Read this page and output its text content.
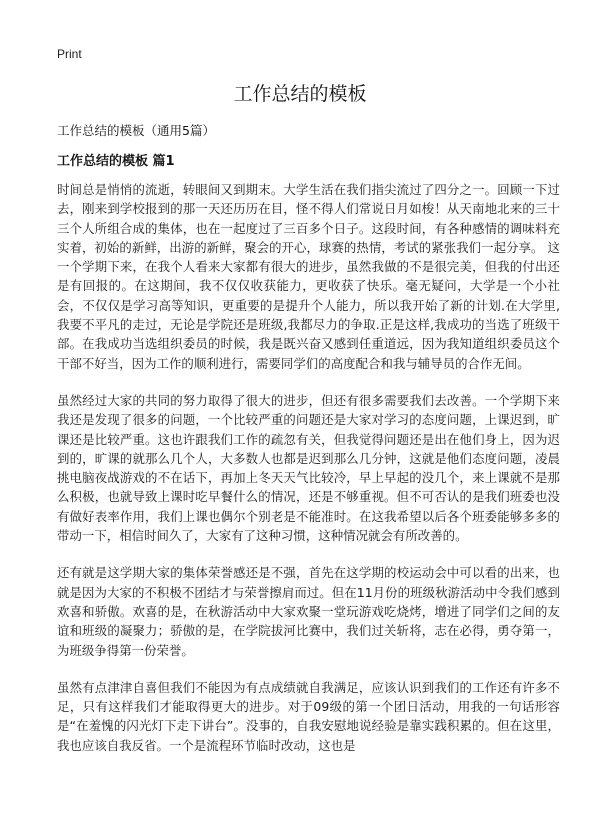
Print
工作总结的模板

工作总结的模板（通用5篇）

工作总结的模板 篇1

时间总是悄悄的流逝，转眼间又到期末。大学生活在我们指尖流过了四分之一。回顾一下过去，刚来到学校报到的那一天还历历在目，怪不得人们常说日月如梭！从天南地北来的三十三个人所组合成的集体，也在一起度过了三百多个日子。这段时间，有各种感情的调味料充实着，初始的新鲜，出游的新鲜，聚会的开心，球赛的热情，考试的紧张我们一起分享。 这一个学期下来，在我个人看来大家都有很大的进步，虽然我做的不是很完美，但我的付出还是有回报的。在这期间，我不仅仅收获能力，更收获了快乐。毫无疑问，大学是一个小社会，不仅仅是学习高等知识，更重要的是提升个人能力，所以我开始了新的计划.在大学里,我要不平凡的走过，无论是学院还是班级,我都尽力的争取.正是这样,我成功的当选了班级干部。在我成功当选组织委员的时候，我是既兴奋又感到任重道远，因为我知道组织委员这个干部不好当，因为工作的顺利进行，需要同学们的高度配合和我与辅导员的合作无间。

虽然经过大家的共同的努力取得了很大的进步，但还有很多需要我们去改善。一个学期下来我还是发现了很多的问题，一个比较严重的问题还是大家对学习的态度问题，上课迟到，旷课还是比较严重。这也许跟我们工作的疏忽有关，但我觉得问题还是出在他们身上，因为迟到的，旷课的就那么几个人，大多数人也都是迟到那么几分钟，这就是他们态度问题，凌晨挑电脑夜战游戏的不在话下，再加上冬天天气比较冷，早上早起的没几个，来上课就不是那么积极，也就导致上课时吃早餐什么的情况，还是不够重视。但不可否认的是我们班委也没有做好表率作用，我们上课也偶尔个别老是不能准时。在这我希望以后各个班委能够多多的带动一下，相信时间久了，大家有了这种习惯，这种情况就会有所改善的。

还有就是这学期大家的集体荣誉感还是不强，首先在这学期的校运动会中可以看的出来，也就是因为大家的不积极不团结才与荣誉擦肩而过。但在11月份的班级秋游活动中令我们感到欢喜和骄傲。欢喜的是，在秋游活动中大家欢聚一堂玩游戏吃烧烤，增进了同学们之间的友谊和班级的凝聚力；骄傲的是，在学院拔河比赛中，我们过关斩将，志在必得，勇夺第一，为班级争得第一份荣誉。

虽然有点津津自喜但我们不能因为有点成绩就自我满足，应该认识到我们的工作还有许多不足，只有这样我们才能取得更大的进步。对于09级的第一个团日活动，用我的一句话形容是“在羞愧的闪光灯下走下讲台”。没事的，自我安慰地说经验是靠实践积累的。但在这里，我也应该自我反省。一个是流程环节临时改动，这也是
